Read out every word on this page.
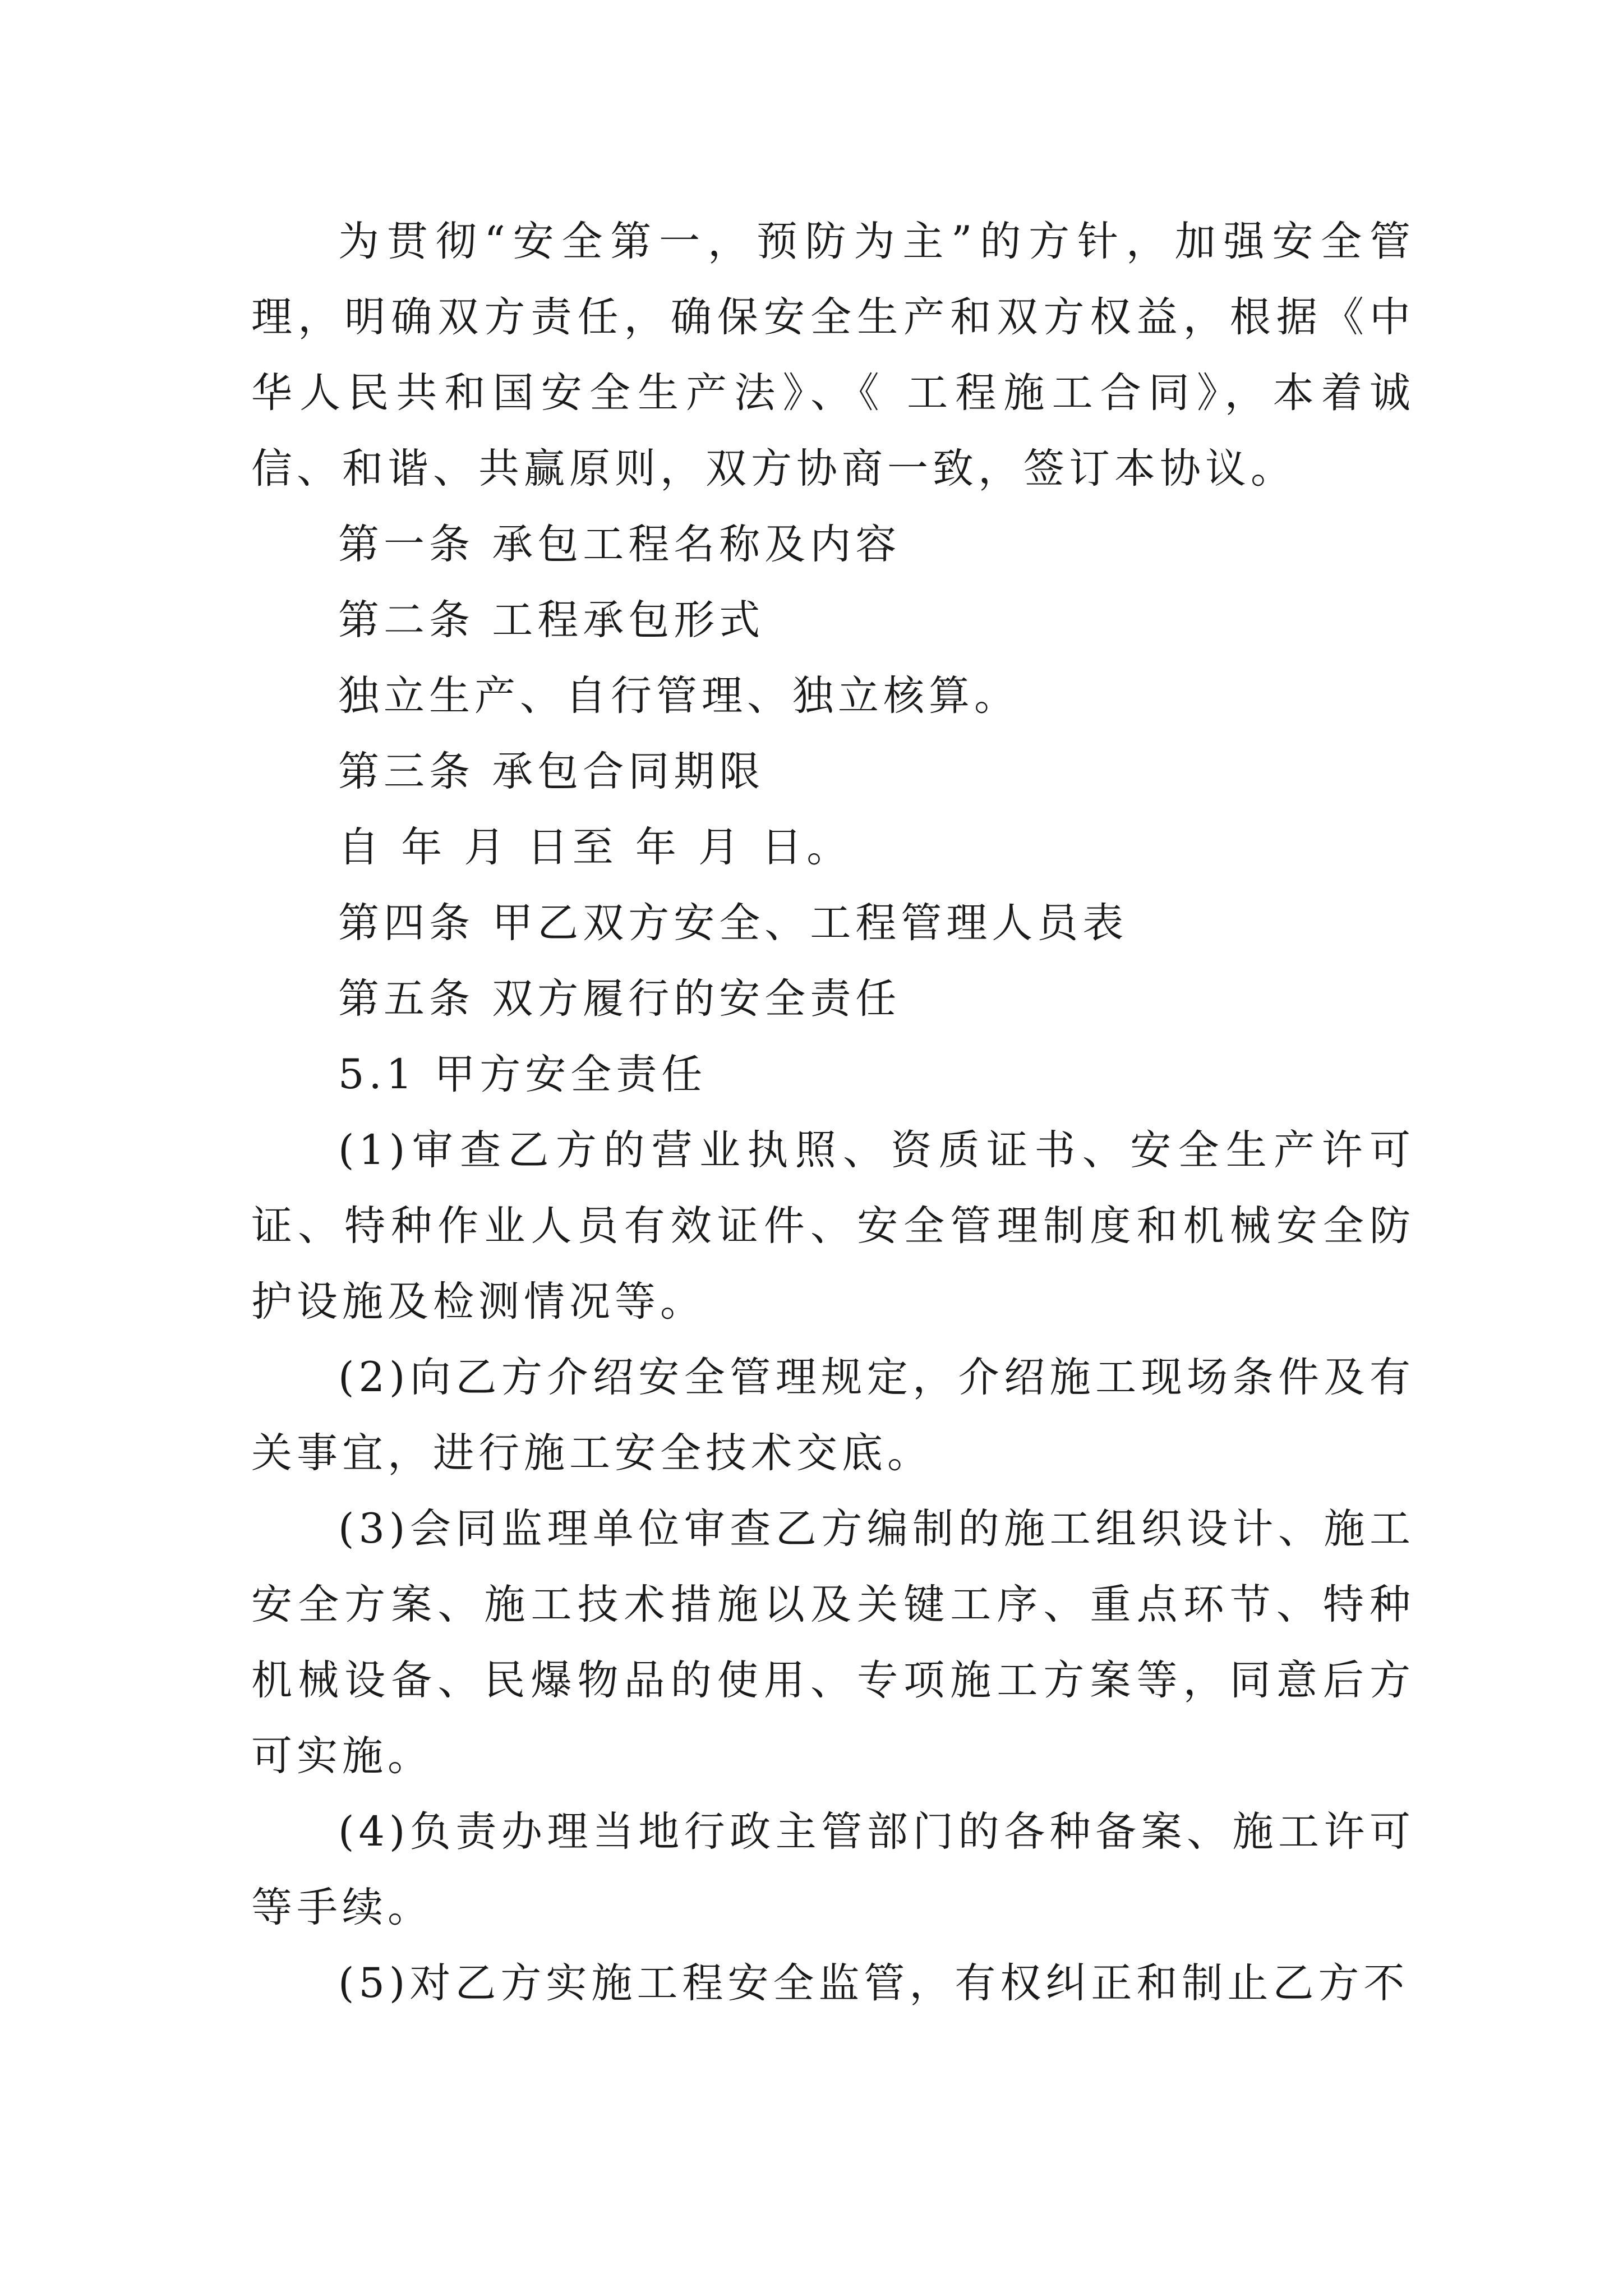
为贯彻“安全第一，预防为主”的方针，加强安全管理，明确双方责任，确保安全生产和双方权益，根据《中华人民共和国安全生产法》、《 工程施工合同》，本着诚信、和谐、共赢原则，双方协商一致，签订本协议。

第一条 承包工程名称及内容

第二条 工程承包形式

独立生产、自行管理、独立核算。

第三条 承包合同期限

自 年 月 日至 年 月 日。

第四条 甲乙双方安全、工程管理人员表

第五条 双方履行的安全责任

5.1 甲方安全责任

(1)审查乙方的营业执照、资质证书、安全生产许可证、特种作业人员有效证件、安全管理制度和机械安全防护设施及检测情况等。

(2)向乙方介绍安全管理规定，介绍施工现场条件及有关事宜，进行施工安全技术交底。

(3)会同监理单位审查乙方编制的施工组织设计、施工安全方案、施工技术措施以及关键工序、重点环节、特种机械设备、民爆物品的使用、专项施工方案等，同意后方可实施。

(4)负责办理当地行政主管部门的各种备案、施工许可等手续。

(5)对乙方实施工程安全监管，有权纠正和制止乙方不
